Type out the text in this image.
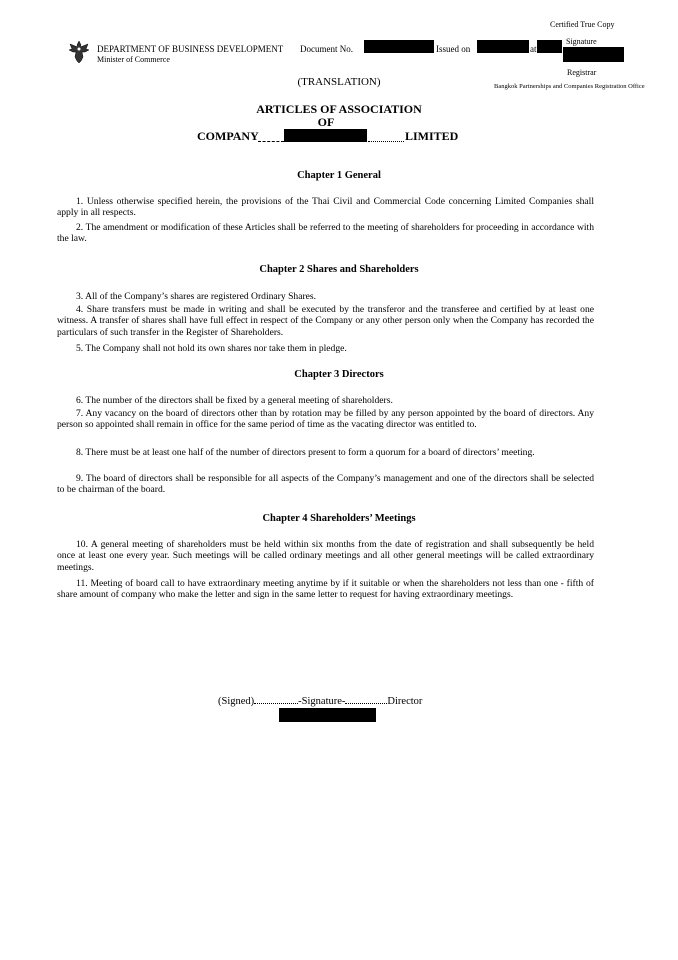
Certified True Copy
DEPARTMENT OF BUSINESS DEVELOPMENT
Minister of Commerce
Document No.	Issued on	at
Signature
Registrar
Bangkok Partnerships and Companies Registration Office
(TRANSLATION)
ARTICLES OF ASSOCIATION
OF
COMPANY	LIMITED
Chapter 1 General
1. Unless otherwise specified herein, the provisions of the Thai Civil and Commercial Code concerning Limited Companies shall apply in all respects.
2. The amendment or modification of these Articles shall be referred to the meeting of shareholders for proceeding in accordance with the law.
Chapter 2 Shares and Shareholders
3. All of the Company’s shares are registered Ordinary Shares.
4. Share transfers must be made in writing and shall be executed by the transferor and the transferee and certified by at least one witness. A transfer of shares shall have full effect in respect of the Company or any other person only when the Company has recorded the particulars of such transfer in the Register of Shareholders.
5. The Company shall not hold its own shares nor take them in pledge.
Chapter 3 Directors
6. The number of the directors shall be fixed by a general meeting of shareholders.
7. Any vacancy on the board of directors other than by rotation may be filled by any person appointed by the board of directors. Any person so appointed shall remain in office for the same period of time as the vacating director was entitled to.
8. There must be at least one half of the number of directors present to form a quorum for a board of directors’ meeting.
9. The board of directors shall be responsible for all aspects of the Company’s management and one of the directors shall be selected to be chairman of the board.
Chapter 4 Shareholders’ Meetings
10. A general meeting of shareholders must be held within six months from the date of registration and shall subsequently be held once at least one every year. Such meetings will be called ordinary meetings and all other general meetings will be called extraordinary meetings.
11. Meeting of board call to have extraordinary meeting anytime by if it suitable or when the shareholders not less than one - fifth of share amount of company who make the letter and sign in the same letter to request for having extraordinary meetings.
(Signed)	-Signature-	Director
